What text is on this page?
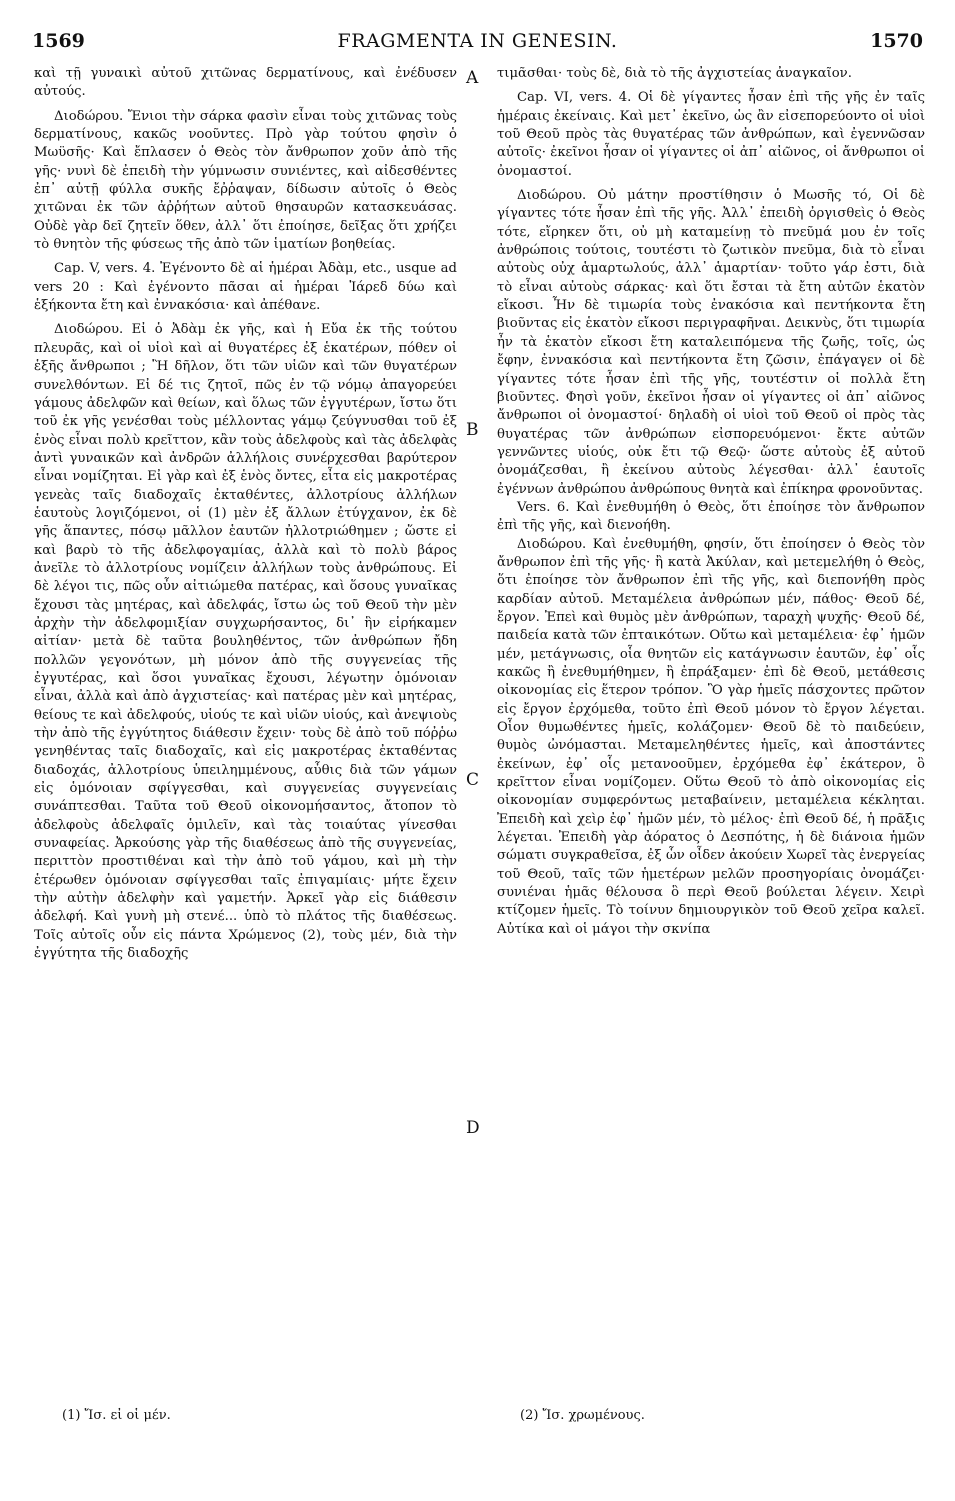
1569	FRAGMENTA IN GENESIN.	1570

καὶ τῇ γυναικὶ αὐτοῦ χιτῶνας δερματίνους, καὶ ἐνέδυσεν αὐτούς.

Διοδώρου. Ἔνιοι τὴν σάρκα φασὶν εἶναι τοὺς χιτῶνας τοὺς δερματίνους, κακῶς νοοῦντες. Πρὸ γὰρ τούτου φησὶν ὁ Μωϋσῆς· Καὶ ἔπλασεν ὁ Θεὸς τὸν ἄνθρωπον χοῦν ἀπὸ τῆς γῆς· νυνὶ δὲ ἐπειδὴ τὴν γύμνωσιν συνιέντες, καὶ αἰδεσθέντες ἐπ᾽ αὐτῇ φύλλα συκῆς ἔῤῥαψαν, δίδωσιν αὐτοῖς ὁ Θεὸς χιτῶναι ἐκ τῶν ἀῤῥήτων αὐτοῦ θησαυρῶν κατασκευάσας. Οὐδὲ γὰρ δεῖ ζητεῖν ὅθεν, ἀλλ᾽ ὅτι ἐποίησε, δεῖξας ὅτι χρήζει τὸ θνητὸν τῆς φύσεως τῆς ἀπὸ τῶν ἱματίων βοηθείας.

Cap. V, vers. 4. Ἐγένοντο δὲ αἱ ἡμέραι Ἀδὰμ, etc., usque ad vers 20 : Καὶ ἐγένοντο πᾶσαι αἱ ἡμέραι Ἰάρεδ δύω καὶ ἑξήκοντα ἔτη καὶ ἐννακόσια· καὶ ἀπέθανε.

Διοδώρου. Εἰ ὁ Ἀδὰμ ἐκ γῆς, καὶ ἡ Εὔα ἐκ τῆς τούτου πλευρᾶς, καὶ οἱ υἱοὶ καὶ αἱ θυγατέρες ἐξ ἑκατέρων, πόθεν οἱ ἑξῆς ἄνθρωποι ; Ἢ δῆλον, ὅτι τῶν υἱῶν καὶ τῶν θυγατέρων συνελθόντων. Εἰ δέ τις ζητοῖ, πῶς ἐν τῷ νόμῳ ἀπαγορεύει γάμους ἀδελφῶν καὶ θείων, καὶ ὅλως τῶν ἐγγυτέρων, ἴστω ὅτι τοῦ ἐκ γῆς γενέσθαι τοὺς μέλλοντας γάμῳ ζεύγνυσθαι τοῦ ἐξ ἑνὸς εἶναι πολὺ κρεῖττον, κἂν τοὺς ἀδελφοὺς καὶ τὰς ἀδελφὰς ἀντὶ γυναικῶν καὶ ἀνδρῶν ἀλλήλοις συνέρχεσθαι βαρύτερον εἶναι νομίζηται. Εἰ γὰρ καὶ ἐξ ἑνὸς ὄντες, εἶτα εἰς μακροτέρας γενεὰς ταῖς διαδοχαῖς ἐκταθέντες, ἀλλοτρίους ἀλλήλων ἑαυτοὺς λογιζόμενοι, οἱ (1) μὲν ἐξ ἄλλων ἐτύγχανον, ἐκ δὲ γῆς ἅπαντες, πόσῳ μᾶλλον ἑαυτῶν ἠλλοτριώθημεν ; ὥστε εἰ καὶ βαρὺ τὸ τῆς ἀδελφογαμίας, ἀλλὰ καὶ τὸ πολὺ βάρος ἀνεῖλε τὸ ἀλλοτρίους νομίζειν ἀλλήλων τοὺς ἀνθρώπους. Εἰ δὲ λέγοι τις, πῶς οὖν αἰτιώμεθα πατέρας, καὶ ὅσους γυναῖκας ἔχουσι τὰς μητέρας, καὶ ἀδελφάς, ἴστω ὡς τοῦ Θεοῦ τὴν μὲν ἀρχὴν τὴν ἀδελφομιξίαν συγχωρήσαντος, δι᾽ ἣν εἰρήκαμεν αἰτίαν· μετὰ δὲ ταῦτα βουληθέντος, τῶν ἀνθρώπων ἤδη πολλῶν γεγονότων, μὴ μόνον ἀπὸ τῆς συγγενείας τῆς ἐγγυτέρας, καὶ ὅσοι γυναῖκας ἔχουσι, λέγωτην ὁμόνοιαν εἶναι, ἀλλὰ καὶ ἀπὸ ἀγχιστείας· καὶ πατέρας μὲν καὶ μητέρας, θείους τε καὶ ἀδελφούς, υἱούς τε καὶ υἱῶν υἱούς, καὶ ἀνεψιοὺς τὴν ἀπὸ τῆς ἐγγύτητος διάθεσιν ἔχειν· τοὺς δὲ ἀπὸ τοῦ πόῤῥω γενηθέντας ταῖς διαδοχαῖς, καὶ εἰς μακροτέρας ἐκταθέντας διαδοχάς, ἀλλοτρίους ὑπειλημμένους, αὖθις διὰ τῶν γάμων εἰς ὁμόνοιαν σφίγγεσθαι, καὶ συγγενείας συγγενείαις συνάπτεσθαι. Ταῦτα τοῦ Θεοῦ οἰκονομήσαντος, ἄτοπον τὸ ἀδελφοὺς ἀδελφαῖς ὁμιλεῖν, καὶ τὰς τοιαύτας γίνεσθαι συναφείας. Ἀρκούσης γὰρ τῆς διαθέσεως ἀπὸ τῆς συγγενείας, περιττὸν προστιθέναι καὶ τὴν ἀπὸ τοῦ γάμου, καὶ μὴ τὴν ἑτέρωθεν ὁμόνοιαν σφίγγεσθαι ταῖς ἐπιγαμίαις· μήτε ἔχειν τὴν αὐτὴν ἀδελφὴν καὶ γαμετήν. Ἀρκεῖ γὰρ εἰς διάθεσιν ἀδελφή. Καὶ γυνὴ μὴ στενέ... ὑπὸ τὸ πλάτος τῆς διαθέσεως. Τοῖς αὐτοῖς οὖν εἰς πάντα Χρώμενος (2), τοὺς μέν, διὰ τὴν ἐγγύτητα τῆς διαδοχῆς

τιμᾶσθαι· τοὺς δὲ, διὰ τὸ τῆς ἀγχιστείας ἀναγκαῖον.

Cap. VI, vers. 4. Οἱ δὲ γίγαντες ἦσαν ἐπὶ τῆς γῆς ἐν ταῖς ἡμέραις ἐκείναις. Καὶ μετ᾽ ἐκεῖνο, ὡς ἂν εἰσεπορεύοντο οἱ υἱοὶ τοῦ Θεοῦ πρὸς τὰς θυγατέρας τῶν ἀνθρώπων, καὶ ἐγεννῶσαν αὐτοῖς· ἐκεῖνοι ἦσαν οἱ γίγαντες οἱ ἀπ᾽ αἰῶνος, οἱ ἄνθρωποι οἱ ὀνομαστοί.

Διοδώρου. Οὐ μάτην προστίθησιν ὁ Μωσῆς τό, Οἱ δὲ γίγαντες τότε ἦσαν ἐπὶ τῆς γῆς. Ἀλλ᾽ ἐπειδὴ ὀργισθεὶς ὁ Θεὸς τότε, εἴρηκεν ὅτι, οὐ μὴ καταμείνῃ τὸ πνεῦμά μου ἐν τοῖς ἀνθρώποις τούτοις, τουτέστι τὸ ζωτικὸν πνεῦμα, διὰ τὸ εἶναι αὐτοὺς οὐχ ἁμαρτωλούς, ἀλλ᾽ ἁμαρτίαν· τοῦτο γάρ ἐστι, διὰ τὸ εἶναι αὐτοὺς σάρκας· καὶ ὅτι ἔσται τὰ ἔτη αὐτῶν ἑκατὸν εἴκοσι. Ἦν δὲ τιμωρία τοὺς ἐνακόσια καὶ πεντήκοντα ἔτη βιοῦντας εἰς ἑκατὸν εἴκοσι περιγραφῆναι. Δεικνὺς, ὅτι τιμωρία ἦν τὰ ἑκατὸν εἴκοσι ἔτη καταλειπόμενα τῆς ζωῆς, τοῖς, ὡς ἔφην, ἐννακόσια καὶ πεντήκοντα ἔτη ζῶσιν, ἐπάγαγεν οἱ δὲ γίγαντες τότε ἦσαν ἐπὶ τῆς γῆς, τουτέστιν οἱ πολλὰ ἔτη βιοῦντες. Φησὶ γοῦν, ἐκεῖνοι ἦσαν οἱ γίγαντες οἱ ἀπ᾽ αἰῶνος ἄνθρωποι οἱ ὀνομαστοί· δηλαδὴ οἱ υἱοὶ τοῦ Θεοῦ οἱ πρὸς τὰς θυγατέρας τῶν ἀνθρώπων εἰσπορευόμενοι· ἔκτε αὐτῶν γεννῶντες υἱούς, οὐκ ἔτι τῷ Θεῷ· ὥστε αὐτοὺς ἐξ αὐτοῦ ὀνομάζεσθαι, ἢ ἐκείνου αὐτοὺς λέγεσθαι· ἀλλ᾽ ἑαυτοῖς ἐγέννων ἀνθρώπου ἀνθρώπους θνητὰ καὶ ἐπίκηρα φρονοῦντας.

Vers. 6. Καὶ ἐνεθυμήθη ὁ Θεὸς, ὅτι ἐποίησε τὸν ἄνθρωπον ἐπὶ τῆς γῆς, καὶ διενοήθη.

Διοδώρου. Καὶ ἐνεθυμήθη, φησίν, ὅτι ἐποίησεν ὁ Θεὸς τὸν ἄνθρωπον ἐπὶ τῆς γῆς· ἢ κατὰ Ἀκύλαν, καὶ μετεμελήθη ὁ Θεὸς, ὅτι ἐποίησε τὸν ἄνθρωπον ἐπὶ τῆς γῆς, καὶ διεπονήθη πρὸς καρδίαν αὐτοῦ. Μεταμέλεια ἀνθρώπων μέν, πάθος· Θεοῦ δέ, ἔργον. Ἐπεὶ καὶ θυμὸς μὲν ἀνθρώπων, ταραχὴ ψυχῆς· Θεοῦ δέ, παιδεία κατὰ τῶν ἐπταικότων. Οὕτω καὶ μεταμέλεια· ἐφ᾽ ἡμῶν μέν, μετάγνωσις, οἷα θνητῶν εἰς κατάγνωσιν ἑαυτῶν, ἐφ᾽ οἷς κακῶς ἢ ἐνεθυμήθημεν, ἢ ἐπράξαμεν· ἐπὶ δὲ Θεοῦ, μετάθεσις οἰκονομίας εἰς ἕτερον τρόπον. Ὃ γὰρ ἡμεῖς πάσχοντες πρῶτον εἰς ἔργον ἐρχόμεθα, τοῦτο ἐπὶ Θεοῦ μόνον τὸ ἔργον λέγεται. Οἷον θυμωθέντες ἡμεῖς, κολάζομεν· Θεοῦ δὲ τὸ παιδεύειν, θυμὸς ὠνόμασται. Μεταμεληθέντες ἡμεῖς, καὶ ἀποστάντες ἐκείνων, ἐφ᾽ οἷς μετανοοῦμεν, ἐρχόμεθα ἐφ᾽ ἑκάτερον, ὃ κρεῖττον εἶναι νομίζομεν. Οὕτω Θεοῦ τὸ ἀπὸ οἰκονομίας εἰς οἰκονομίαν συμφερόντως μεταβαίνειν, μεταμέλεια κέκληται. Ἐπειδὴ καὶ χεὶρ ἐφ᾽ ἡμῶν μέν, τὸ μέλος· ἐπὶ Θεοῦ δέ, ἡ πρᾶξις λέγεται. Ἐπειδὴ γὰρ ἀόρατος ὁ Δεσπότης, ἡ δὲ διάνοια ἡμῶν σώματι συγκραθεῖσα, ἐξ ὧν οἶδεν ἀκούειν Χωρεῖ τὰς ἐνεργείας τοῦ Θεοῦ, ταῖς τῶν ἡμετέρων μελῶν προσηγορίαις ὀνομάζει· συνιέναι ἡμᾶς θέλουσα ὃ περὶ Θεοῦ βούλεται λέγειν. Χειρὶ κτίζομεν ἡμεῖς. Τὸ τοίνυν δημιουργικὸν τοῦ Θεοῦ χεῖρα καλεῖ. Αὐτίκα καὶ οἱ μάγοι τὴν σκνίπα

A
B
C
D
(1) Ἴσ. εἰ οἱ μέν.	(2) Ἴσ. χρωμένους.
